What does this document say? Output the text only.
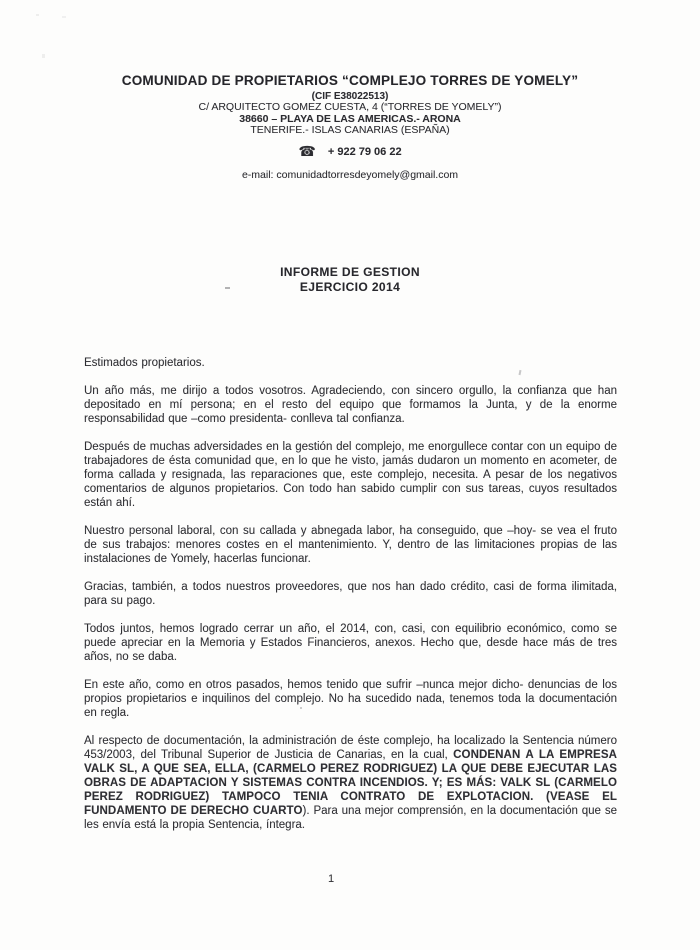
COMUNIDAD DE PROPIETARIOS “COMPLEJO TORRES DE YOMELY”
(CIF E38022513)
C/ ARQUITECTO GOMEZ CUESTA, 4 (“TORRES DE YOMELY”)
38660 – PLAYA DE LAS AMERICAS.- ARONA
TENERIFE.- ISLAS CANARIAS (ESPAÑA)
☎ + 922 79 06 22
e-mail: comunidadtorresdeyomely@gmail.com
INFORME DE GESTION
EJERCICIO 2014

Estimados propietarios.

Un año más, me dirijo a todos vosotros. Agradeciendo, con sincero orgullo, la confianza que han depositado en mí persona; en el resto del equipo que formamos la Junta, y de la enorme responsabilidad que –como presidenta- conlleva tal confianza.

Después de muchas adversidades en la gestión del complejo, me enorgullece contar con un equipo de trabajadores de ésta comunidad que, en lo que he visto, jamás dudaron un momento en acometer, de forma callada y resignada, las reparaciones que, este complejo, necesita. A pesar de los negativos comentarios de algunos propietarios. Con todo han sabido cumplir con sus tareas, cuyos resultados están ahí.

Nuestro personal laboral, con su callada y abnegada labor, ha conseguido, que –hoy- se vea el fruto de sus trabajos: menores costes en el mantenimiento. Y, dentro de las limitaciones propias de las instalaciones de Yomely, hacerlas funcionar.

Gracias, también, a todos nuestros proveedores, que nos han dado crédito, casi de forma ilimitada, para su pago.

Todos juntos, hemos logrado cerrar un año, el 2014, con, casi, con equilibrio económico, como se puede apreciar en la Memoria y Estados Financieros, anexos. Hecho que, desde hace más de tres años, no se daba.

En este año, como en otros pasados, hemos tenido que sufrir –nunca mejor dicho- denuncias de los propios propietarios e inquilinos del complejo. No ha sucedido nada, tenemos toda la documentación en regla.

Al respecto de documentación, la administración de éste complejo, ha localizado la Sentencia número 453/2003, del Tribunal Superior de Justicia de Canarias, en la cual, CONDENAN A LA EMPRESA VALK SL, A QUE SEA, ELLA, (CARMELO PEREZ RODRIGUEZ) LA QUE DEBE EJECUTAR LAS OBRAS DE ADAPTACION Y SISTEMAS CONTRA INCENDIOS. Y; ES MÁS: VALK SL (CARMELO PEREZ RODRIGUEZ) TAMPOCO TENIA CONTRATO DE EXPLOTACION. (VEASE EL FUNDAMENTO DE DERECHO CUARTO). Para una mejor comprensión, en la documentación que se les envía está la propia Sentencia, íntegra.

1
